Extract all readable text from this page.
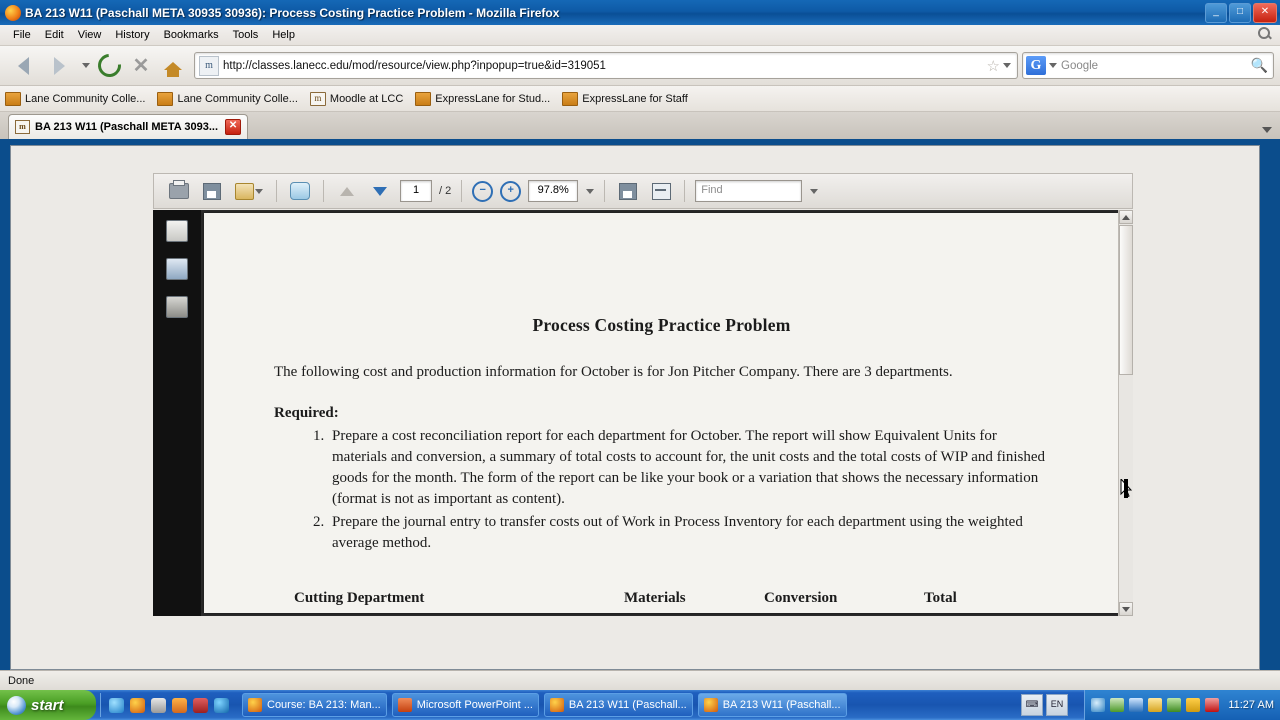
BA 213 W11 (Paschall META 30935 30936): Process Costing Practice Problem - Mozilla Firefox	_	□	✕
File	Edit	View	History	Bookmarks	Tools	Help
✕	m http://classes.lanecc.edu/mod/resource/view.php?inpopup=true&id=319051	☆	G	Google	🔍
Lane Community Colle...	Lane Community Colle...	m Moodle at LCC	ExpressLane for Stud...	ExpressLane for Staff
m BA 213 W11 (Paschall META 3093...	✕
1	/ 2	−	+	97.8%	Find
Process Costing Practice Problem

The following cost and production information for October is for Jon Pitcher Company. There are 3 departments.

Required:

1. Prepare a cost reconciliation report for each department for October. The report will show Equivalent Units for materials and conversion, a summary of total costs to account for, the unit costs and the total costs of WIP and finished goods for the month. The form of the report can be like your book or a variation that shows the necessary information (format is not as important as content).
2. Prepare the journal entry to transfer costs out of Work in Process Inventory for each department using the weighted average method.
Cutting Department	Materials	Conversion	Total
Done
start	Course: BA 213: Man...	Microsoft PowerPoint ...	BA 213 W11 (Paschall...	BA 213 W11 (Paschall...	⌨	EN	11:27 AM
